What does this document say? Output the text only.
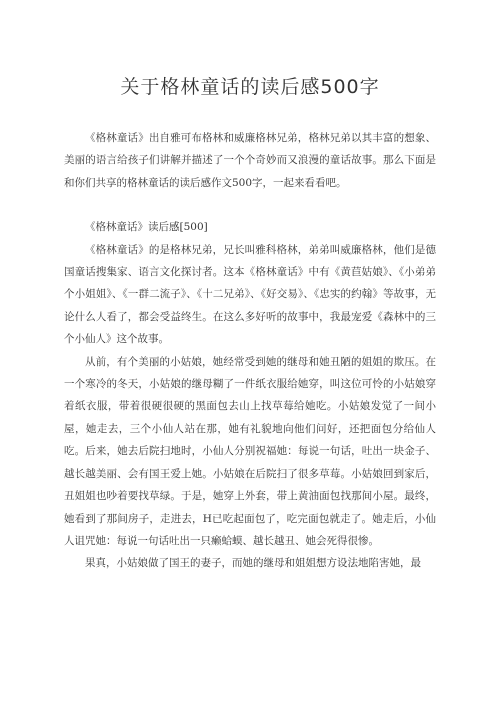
关于格林童话的读后感500字

《格林童话》出自雅可布格林和威廉格林兄弟，格林兄弟以其丰富的想象、美丽的语言给孩子们讲解并描述了一个个奇妙而又浪漫的童话故事。那么下面是和你们共享的格林童话的读后感作文500字，一起来看看吧。

《格林童话》读后感[500]

《格林童话》的是格林兄弟，兄长叫雅科格林，弟弟叫威廉格林，他们是德国童话搜集家、语言文化探讨者。这本《格林童话》中有《黄苣姑娘》、《小弟弟个小姐姐》、《一群二流子》、《十二兄弟》、《好交易》、《忠实的约翰》等故事，无论什么人看了，都会受益终生。在这么多好听的故事中，我最宠爱《森林中的三个小仙人》这个故事。

从前，有个美丽的小姑娘，她经常受到她的继母和她丑陋的姐姐的欺压。在一个寒冷的冬天，小姑娘的继母糊了一件纸衣服给她穿，叫这位可怜的小姑娘穿着纸衣服，带着很硬很硬的黑面包去山上找草莓给她吃。小姑娘发觉了一间小屋，她走去，三个小仙人站在那，她有礼貌地向他们问好，还把面包分给仙人吃。后来，她去后院扫地时，小仙人分别祝福她：每说一句话，吐出一块金子、越长越美丽、会有国王爱上她。小姑娘在后院扫了很多草莓。小姑娘回到家后，丑姐姐也吵着要找草绿。于是，她穿上外套，带上黄油面包找那间小屋。最终，她看到了那间房子，走进去，H已吃起面包了，吃完面包就走了。她走后，小仙人诅咒她：每说一句话吐出一只癞蛤蟆、越长越丑、她会死得很惨。

果真，小姑娘做了国王的妻子，而她的继母和姐姐想方设法地陷害她，最
